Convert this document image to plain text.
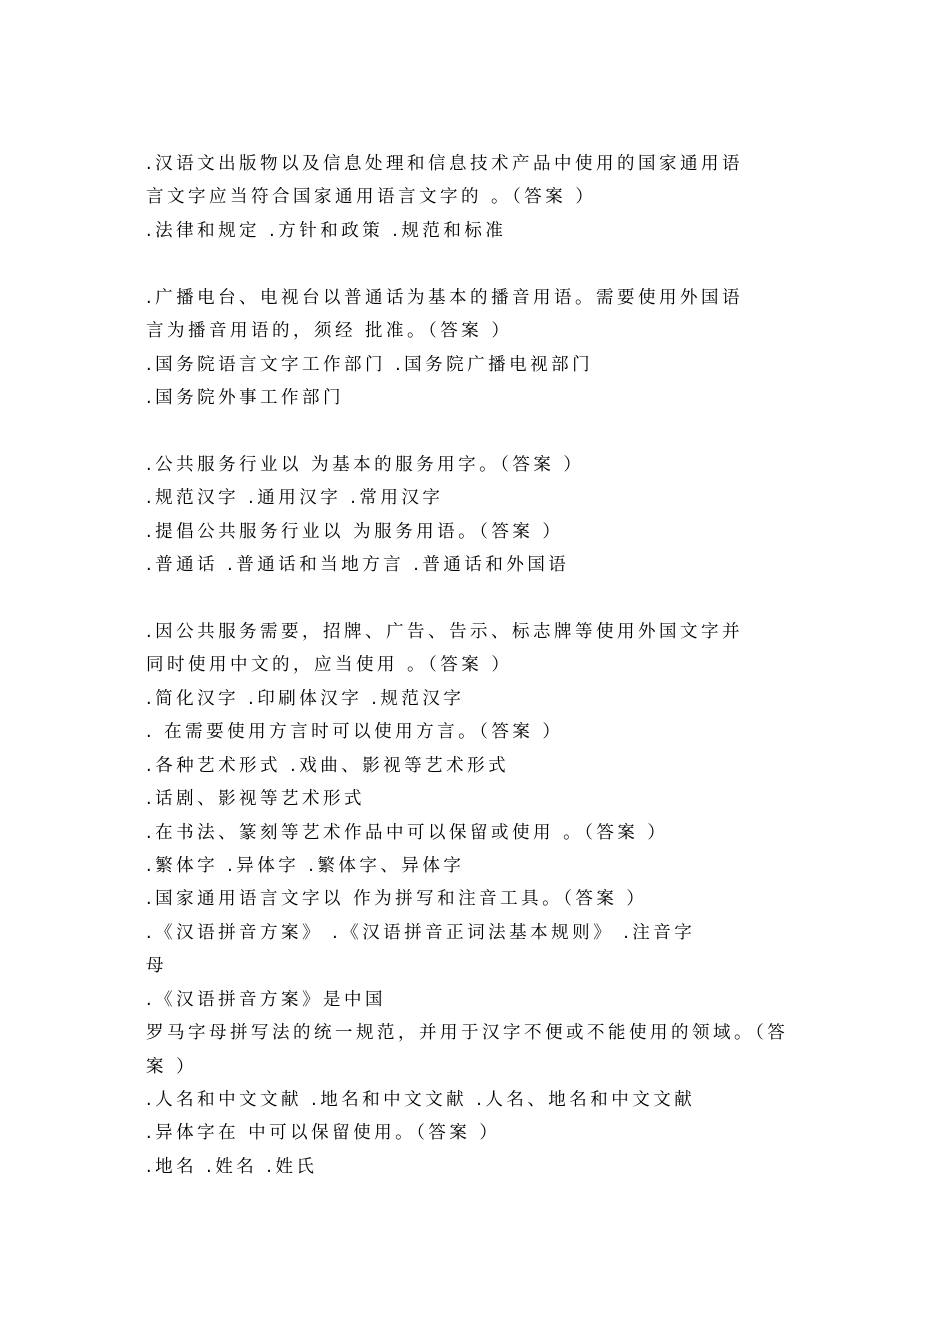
.汉语文出版物以及信息处理和信息技术产品中使用的国家通用语
言文字应当符合国家通用语言文字的 。（答案 ）
.法律和规定 .方针和政策 .规范和标准
.广播电台、电视台以普通话为基本的播音用语。需要使用外国语
言为播音用语的，须经 批准。（答案 ）
.国务院语言文字工作部门 .国务院广播电视部门
.国务院外事工作部门
.公共服务行业以 为基本的服务用字。（答案 ）
.规范汉字 .通用汉字 .常用汉字
.提倡公共服务行业以 为服务用语。（答案 ）
.普通话 .普通话和当地方言 .普通话和外国语
.因公共服务需要，招牌、广告、告示、标志牌等使用外国文字并
同时使用中文的，应当使用 。（答案 ）
.简化汉字 .印刷体汉字 .规范汉字
. 在需要使用方言时可以使用方言。（答案 ）
.各种艺术形式 .戏曲、影视等艺术形式
.话剧、影视等艺术形式
.在书法、篆刻等艺术作品中可以保留或使用 。（答案 ）
.繁体字 .异体字 .繁体字、异体字
.国家通用语言文字以 作为拼写和注音工具。（答案 ）
.《汉语拼音方案》 .《汉语拼音正词法基本规则》 .注音字
母
.《汉语拼音方案》是中国
罗马字母拼写法的统一规范，并用于汉字不便或不能使用的领域。（答
案 ）
.人名和中文文献 .地名和中文文献 .人名、地名和中文文献
.异体字在 中可以保留使用。（答案 ）
.地名 .姓名 .姓氏
